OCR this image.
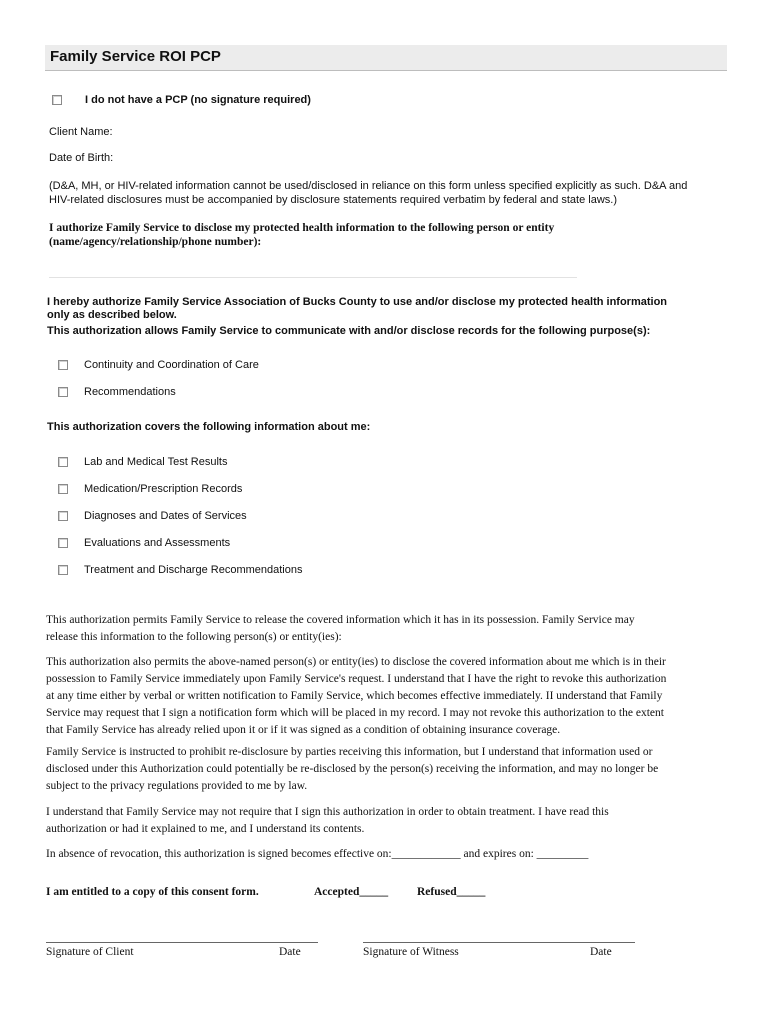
Family Service ROI PCP
I do not have a PCP (no signature required)
Client Name:
Date of Birth:
(D&A, MH, or HIV-related information cannot be used/disclosed in reliance on this form unless specified explicitly as such. D&A and
HIV-related disclosures must be accompanied by disclosure statements required verbatim by federal and state laws.)
I authorize Family Service to disclose my protected health information to the following person or entity
(name/agency/relationship/phone number):
I hereby authorize Family Service Association of Bucks County to use and/or disclose my protected health information
only as described below.
This authorization allows Family Service to communicate with and/or disclose records for the following purpose(s):
Continuity and Coordination of Care
Recommendations
This authorization covers the following information about me:
Lab and Medical Test Results
Medication/Prescription Records
Diagnoses and Dates of Services
Evaluations and Assessments
Treatment and Discharge Recommendations
This authorization permits Family Service to release the covered information which it has in its possession. Family Service may
release this information to the following person(s) or entity(ies):
This authorization also permits the above-named person(s) or entity(ies) to disclose the covered information about me which is in their
possession to Family Service immediately upon Family Service's request. I understand that I have the right to revoke this authorization
at any time either by verbal or written notification to Family Service, which becomes effective immediately. II understand that Family
Service may request that I sign a notification form which will be placed in my record. I may not revoke this authorization to the extent
that Family Service has already relied upon it or if it was signed as a condition of obtaining insurance coverage.
Family Service is instructed to prohibit re-disclosure by parties receiving this information, but I understand that information used or
disclosed under this Authorization could potentially be re-disclosed by the person(s) receiving the information, and may no longer be
subject to the privacy regulations provided to me by law.
I understand that Family Service may not require that I sign this authorization in order to obtain treatment. I have read this
authorization or had it explained to me, and I understand its contents.
In absence of revocation, this authorization is signed becomes effective on:____________ and expires on: _________
I am entitled to a copy of this consent form.	Accepted_____	Refused_____
Signature of Client	Date	Signature of Witness	Date
